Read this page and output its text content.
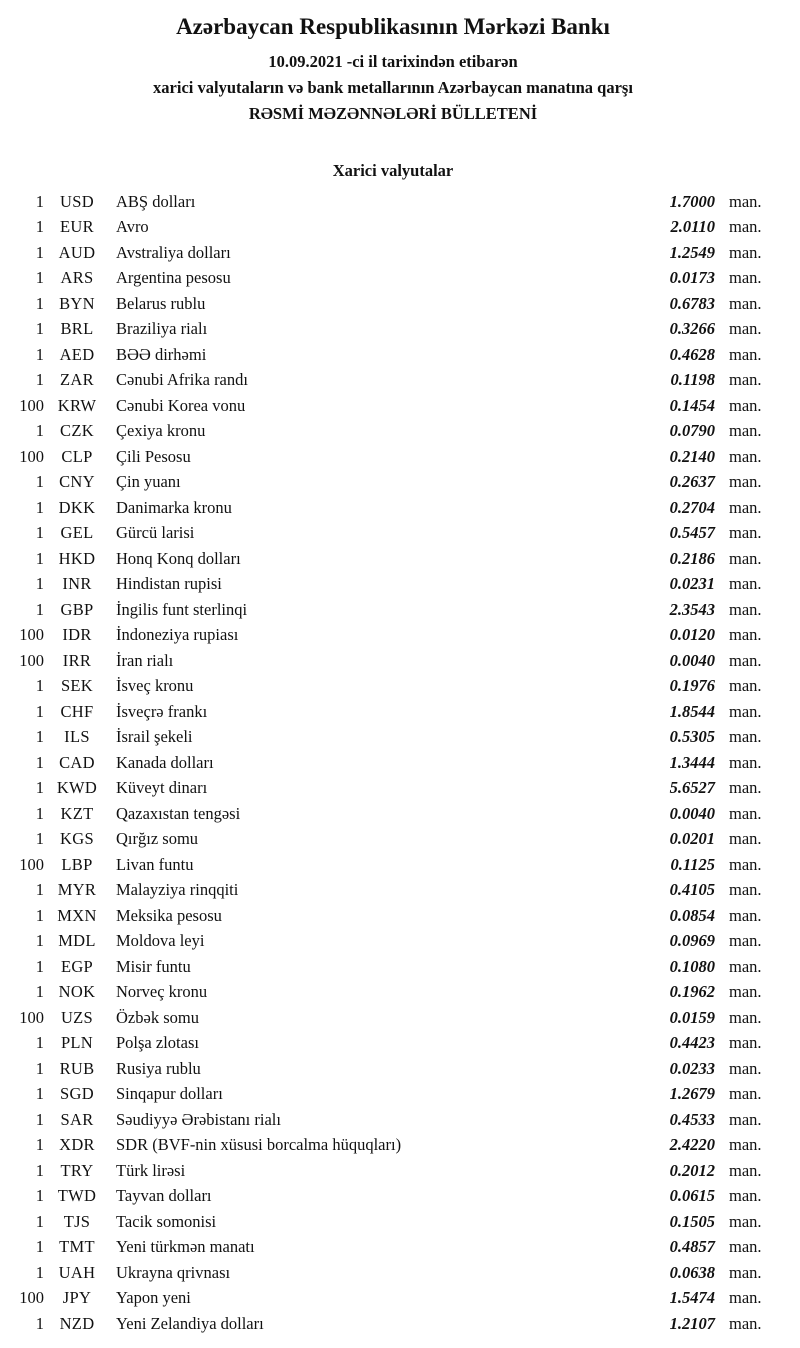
Azərbaycan Respublikasının Mərkəzi Bankı
10.09.2021 -ci il tarixindən etibarən
xarici valyutaların və bank metallarının Azərbaycan manatına qarşı
RƏSMİ MƏZƏNNƏLƏRİ BÜLLETENİ
Xarici valyutalar
1 USD	ABŞ dolları	1.7000 man.
1 EUR	Avro	2.0110 man.
1 AUD	Avstraliya dolları	1.2549 man.
1	ARS	Argentina pesosu	0.0173 man.
1 BYN	Belarus rublu	0.6783 man.
1	BRL	Braziliya rialı	0.3266 man.
1 AED	BƏƏ dirhəmi	0.4628 man.
1 ZAR	Cənubi Afrika randı	0.1198 man.
100 KRW	Cənubi Korea vonu	0.1454 man.
1 CZK	Çexiya kronu	0.0790 man.
100	CLP	Çili Pesosu	0.2140 man.
1 CNY	Çin yuanı	0.2637 man.
1 DKK	Danimarka kronu	0.2704 man.
1	GEL	Gürcü larisi	0.5457 man.
1 HKD	Honq Konq dolları	0.2186 man.
1	INR	Hindistan rupisi	0.0231 man.
1	GBP	İngilis funt sterlinqi	2.3543 man.
100	IDR	İndoneziya rupiası	0.0120 man.
100	IRR	İran rialı	0.0040 man.
1	SEK	İsveç kronu	0.1976 man.
1	CHF	İsveçrə frankı	1.8544 man.
1	ILS	İsrail şekeli	0.5305 man.
1 CAD	Kanada dolları	1.3444 man.
1 KWD	Küveyt dinarı	5.6527 man.
1	KZT	Qazaxıstan tengəsi	0.0040 man.
1 KGS	Qırğız somu	0.0201 man.
100	LBP	Livan funtu	0.1125 man.
1 MYR	Malayziya rinqqiti	0.4105 man.
1 MXN	Meksika pesosu	0.0854 man.
1 MDL	Moldova leyi	0.0969 man.
1	EGP	Misir funtu	0.1080 man.
1 NOK	Norveç kronu	0.1962 man.
100	UZS	Özbək somu	0.0159 man.
1	PLN	Polşa zlotası	0.4423 man.
1 RUB	Rusiya rublu	0.0233 man.
1 SGD	Sinqapur dolları	1.2679 man.
1	SAR	Səudiyyə Ərəbistanı rialı	0.4533 man.
1 XDR	SDR (BVF-nin xüsusi borcalma hüquqları)	2.4220 man.
1	TRY	Türk lirəsi	0.2012 man.
1 TWD	Tayvan dolları	0.0615 man.
1	TJS	Tacik somonisi	0.1505 man.
1 TMT	Yeni türkmən manatı	0.4857 man.
1 UAH	Ukrayna qrivnası	0.0638 man.
100	JPY	Yapon yeni	1.5474 man.
1 NZD	Yeni Zelandiya dolları	1.2107 man.
